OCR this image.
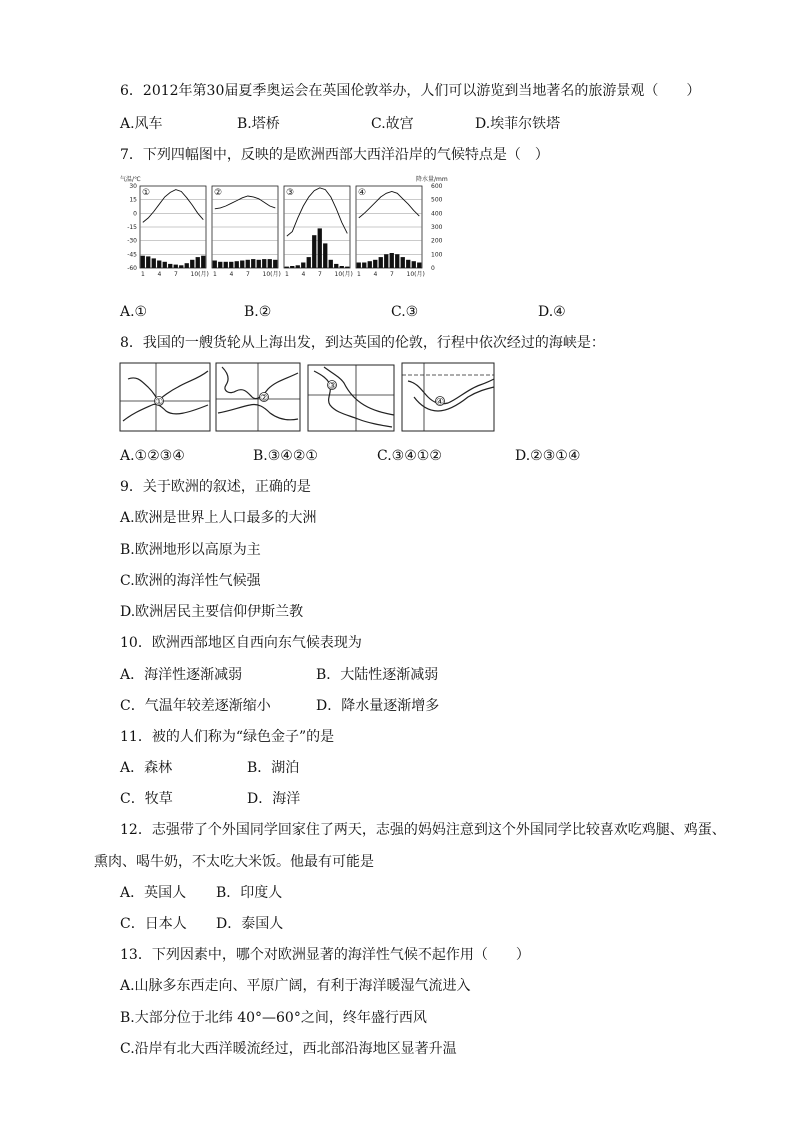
6．2012年第30届夏季奥运会在英国伦敦举办，人们可以游览到当地著名的旅游景观（　　）
A.风车	B.塔桥	C.故宫	D.埃菲尔铁塔
7．下列四幅图中，反映的是欧洲西部大西洋沿岸的气候特点是（　）
气温/℃	降水量/mm
30
15
0
-15
-30
-45
-60
600
500
400
300
200
100
0
①
1 4 7 10(月)
②
1 4 7 10(月)
③
1 4 7 10(月)
④
1 4 7 10(月)
A.①	B.②	C.③	D.④
8．我国的一艘货轮从上海出发，到达英国的伦敦，行程中依次经过的海峡是：
①	②
③
④
A.①②③④	B.③④②①	C.③④①②	D.②③①④
9．关于欧洲的叙述，正确的是
A.欧洲是世界上人口最多的大洲
B.欧洲地形以高原为主
C.欧洲的海洋性气候强
D.欧洲居民主要信仰伊斯兰教
10．欧洲西部地区自西向东气候表现为
A．海洋性逐渐减弱	B．大陆性逐渐减弱
C．气温年较差逐渐缩小	D．降水量逐渐增多
11．被的人们称为“绿色金子”的是
A．森林	B．湖泊
C．牧草	D．海洋
12．志强带了个外国同学回家住了两天，志强的妈妈注意到这个外国同学比较喜欢吃鸡腿、鸡蛋、
熏肉、喝牛奶，不太吃大米饭。他最有可能是
A．英国人 B．印度人
C．日本人 D．泰国人
13．下列因素中，哪个对欧洲显著的海洋性气候不起作用（　　）
A.山脉多东西走向、平原广阔，有利于海洋暖湿气流进入
B.大部分位于北纬 40°—60°之间，终年盛行西风
C.沿岸有北大西洋暖流经过，西北部沿海地区显著升温
